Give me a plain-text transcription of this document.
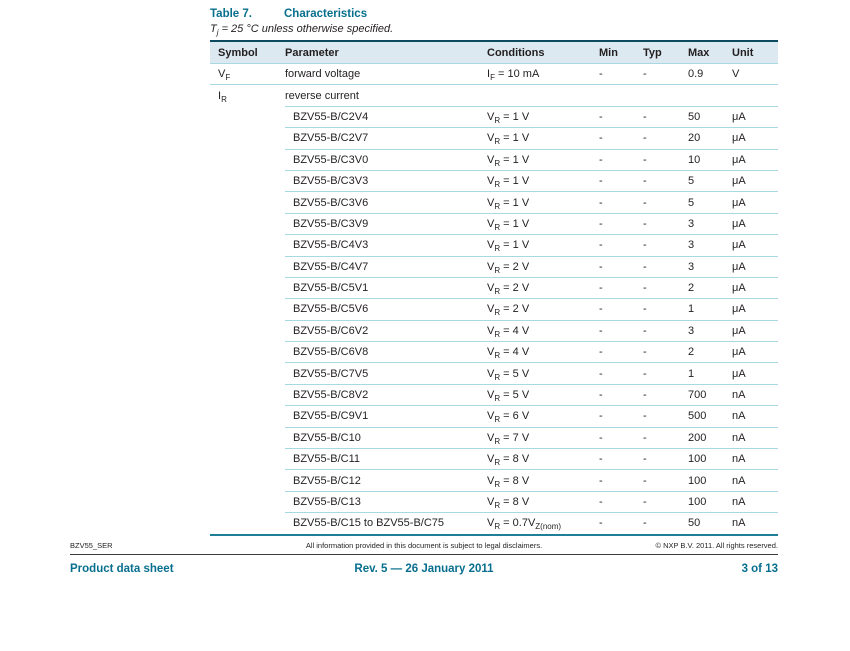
Table 7.	Characteristics
$T_j = 25$ °C unless otherwise specified.
Symbol	Parameter	Conditions	Min	Typ	Max	Unit
$V_F$	forward voltage	$I_F = 10$ mA	-	-	0.9	V
$I_R$	reverse current					
	BZV55-B/C2V4	$V_R = 1$ V	-	-	50	μA
	BZV55-B/C2V7	$V_R = 1$ V	-	-	20	μA
	BZV55-B/C3V0	$V_R = 1$ V	-	-	10	μA
	BZV55-B/C3V3	$V_R = 1$ V	-	-	5	μA
	BZV55-B/C3V6	$V_R = 1$ V	-	-	5	μA
	BZV55-B/C3V9	$V_R = 1$ V	-	-	3	μA
	BZV55-B/C4V3	$V_R = 1$ V	-	-	3	μA
	BZV55-B/C4V7	$V_R = 2$ V	-	-	3	μA
	BZV55-B/C5V1	$V_R = 2$ V	-	-	2	μA
	BZV55-B/C5V6	$V_R = 2$ V	-	-	1	μA
	BZV55-B/C6V2	$V_R = 4$ V	-	-	3	μA
	BZV55-B/C6V8	$V_R = 4$ V	-	-	2	μA
	BZV55-B/C7V5	$V_R = 5$ V	-	-	1	μA
	BZV55-B/C8V2	$V_R = 5$ V	-	-	700	nA
	BZV55-B/C9V1	$V_R = 6$ V	-	-	500	nA
	BZV55-B/C10	$V_R = 7$ V	-	-	200	nA
	BZV55-B/C11	$V_R = 8$ V	-	-	100	nA
	BZV55-B/C12	$V_R = 8$ V	-	-	100	nA
	BZV55-B/C13	$V_R = 8$ V	-	-	100	nA
	BZV55-B/C15 to BZV55-B/C75	$V_R = 0.7V_{Z(nom)}$	-	-	50	nA
BZV55_SER	All information provided in this document is subject to legal disclaimers.	© NXP B.V. 2011. All rights reserved.
Product data sheet	Rev. 5 — 26 January 2011	3 of 13
